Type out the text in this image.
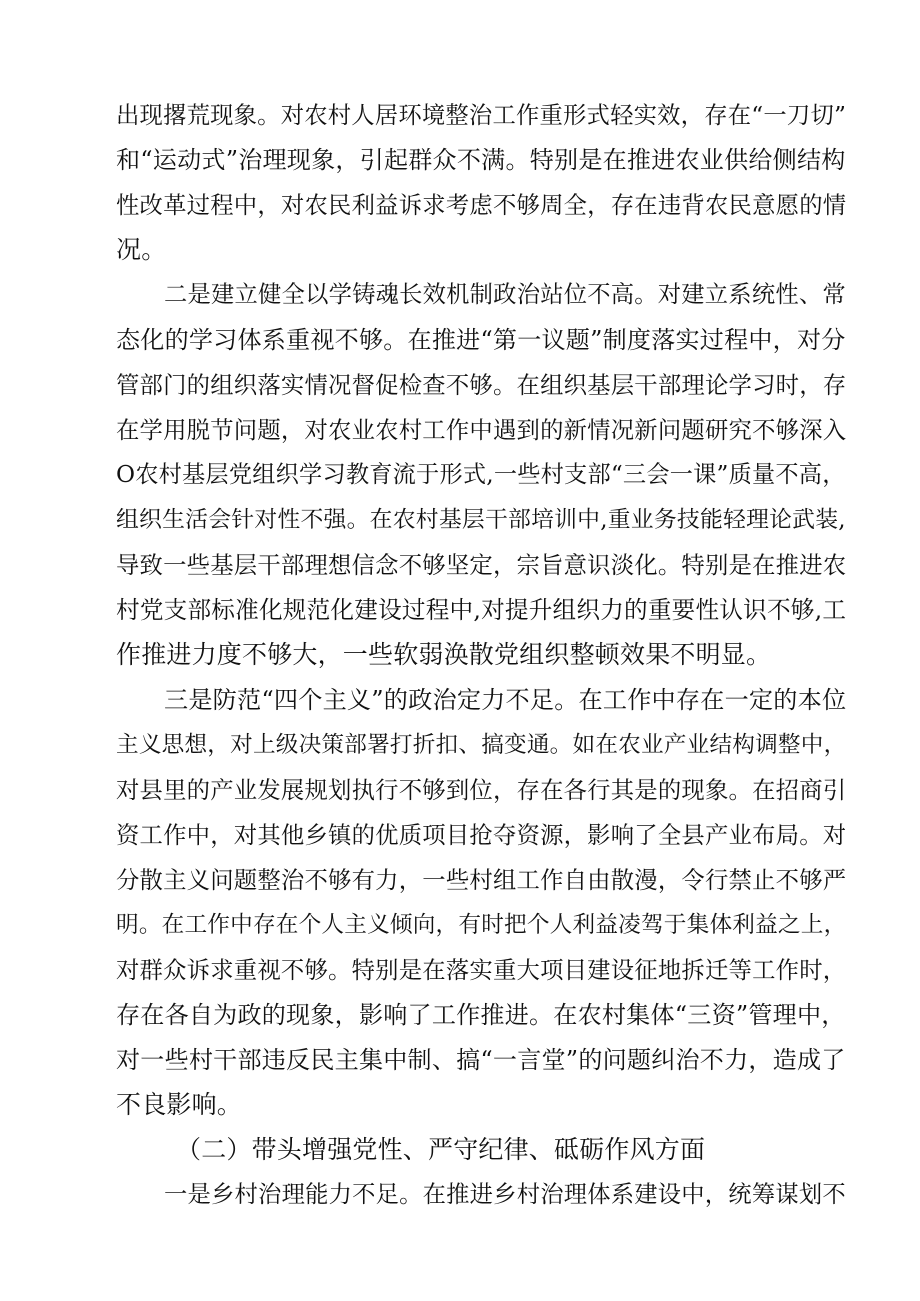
出现撂荒现象。对农村人居环境整治工作重形式轻实效，存在“一刀切”
和“运动式”治理现象，引起群众不满。特别是在推进农业供给侧结构
性改革过程中，对农民利益诉求考虑不够周全，存在违背农民意愿的情
况。
二是建立健全以学铸魂长效机制政治站位不高。对建立系统性、常
态化的学习体系重视不够。在推进“第一议题”制度落实过程中，对分
管部门的组织落实情况督促检查不够。在组织基层干部理论学习时，存
在学用脱节问题，对农业农村工作中遇到的新情况新问题研究不够深入
O农村基层党组织学习教育流于形式,一些村支部“三会一课”质量不高，
组织生活会针对性不强。在农村基层干部培训中,重业务技能轻理论武装,
导致一些基层干部理想信念不够坚定，宗旨意识淡化。特别是在推进农
村党支部标准化规范化建设过程中,对提升组织力的重要性认识不够,工
作推进力度不够大，一些软弱涣散党组织整顿效果不明显。
三是防范“四个主义”的政治定力不足。在工作中存在一定的本位
主义思想，对上级决策部署打折扣、搞变通。如在农业产业结构调整中，
对县里的产业发展规划执行不够到位，存在各行其是的现象。在招商引
资工作中，对其他乡镇的优质项目抢夺资源，影响了全县产业布局。对
分散主义问题整治不够有力，一些村组工作自由散漫，令行禁止不够严
明。在工作中存在个人主义倾向，有时把个人利益凌驾于集体利益之上，
对群众诉求重视不够。特别是在落实重大项目建设征地拆迁等工作时，
存在各自为政的现象，影响了工作推进。在农村集体“三资”管理中，
对一些村干部违反民主集中制、搞“一言堂”的问题纠治不力，造成了
不良影响。
（二）带头增强党性、严守纪律、砥砺作风方面
一是乡村治理能力不足。在推进乡村治理体系建设中，统筹谋划不
